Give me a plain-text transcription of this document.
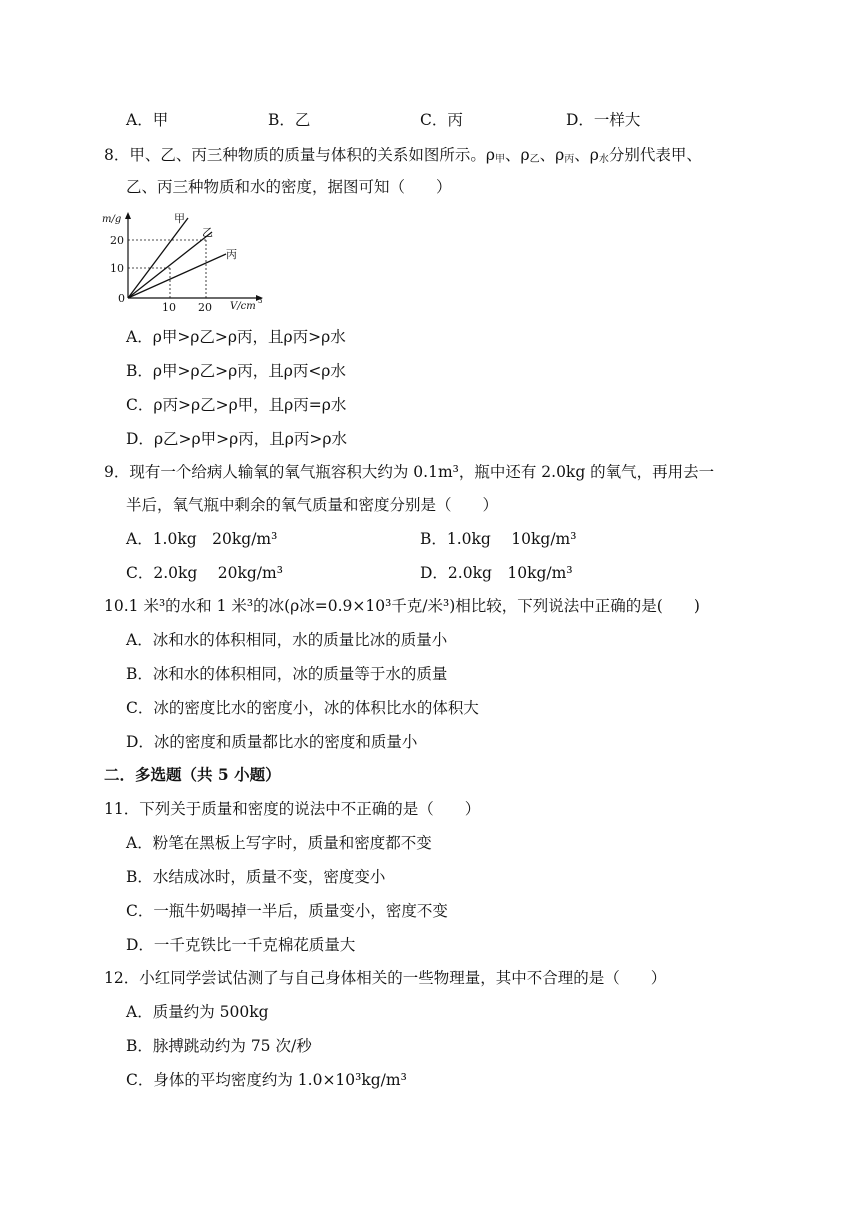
A．甲	B．乙	C．丙	D．一样大
8．甲、乙、丙三种物质的质量与体积的关系如图所示。$\rho_甲$、$\rho_乙$、$\rho_丙$、$\rho_水$分别代表甲、
乙、丙三种物质和水的密度，据图可知（　　）
m/g
20
10
0
10 20 V/cm 3
甲
乙
丙
A．ρ甲>ρ乙>ρ丙，且ρ丙>ρ水
B．ρ甲>ρ乙>ρ丙，且ρ丙<ρ水
C．ρ丙>ρ乙>ρ甲，且ρ丙=ρ水
D．ρ乙>ρ甲>ρ丙，且ρ丙>ρ水
9．现有一个给病人输氧的氧气瓶容积大约为 0.1m³，瓶中还有 2.0kg 的氧气，再用去一
半后，氧气瓶中剩余的氧气质量和密度分别是（　　）
A．1.0kg　20kg/m³	B．1.0kg　 10kg/m³
C．2.0kg　 20kg/m³	D．2.0kg　10kg/m³
10.1 米³的水和 1 米³的冰(ρ冰=0.9×10³千克/米³)相比较，下列说法中正确的是(　　)
A．冰和水的体积相同，水的质量比冰的质量小
B．冰和水的体积相同，冰的质量等于水的质量
C．冰的密度比水的密度小，冰的体积比水的体积大
D．冰的密度和质量都比水的密度和质量小
二．多选题（共 5 小题）
11．下列关于质量和密度的说法中不正确的是（　　）
A．粉笔在黑板上写字时，质量和密度都不变
B．水结成冰时，质量不变，密度变小
C．一瓶牛奶喝掉一半后，质量变小，密度不变
D．一千克铁比一千克棉花质量大
12．小红同学尝试估测了与自己身体相关的一些物理量，其中不合理的是（　　）
A．质量约为 500kg
B．脉搏跳动约为 75 次/秒
C．身体的平均密度约为 1.0×10³kg/m³
